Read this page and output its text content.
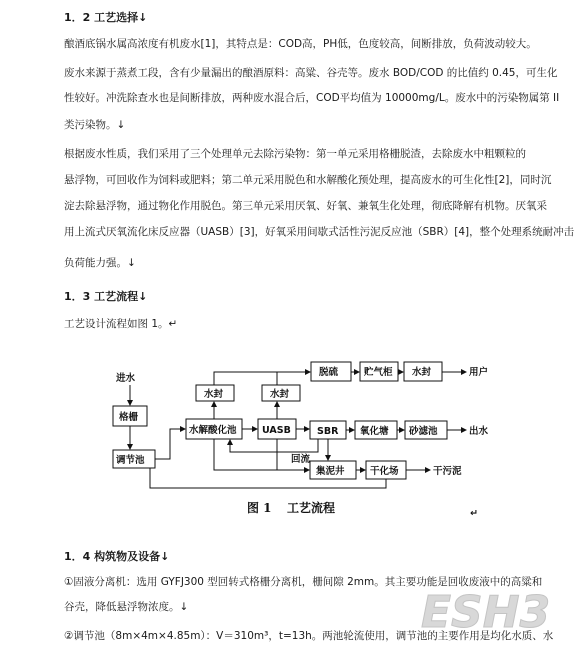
1．2 工艺选择↓
酿酒底锅水属高浓度有机废水[1]，其特点是：COD高，PH低，色度较高，间断排放，负荷波动较大。
废水来源于蒸煮工段，含有少量漏出的酿酒原料：高粱、谷壳等。废水 BOD/COD 的比值约 0.45，可生化
性较好。冲洗除查水也是间断排放，两种废水混合后，COD平均值为 10000mg/L。废水中的污染物属第 II
类污染物。↓
根据废水性质，我们采用了三个处理单元去除污染物：第一单元采用格栅脱渣，去除废水中粗颗粒的
悬浮物，可回收作为饲料或肥料；第二单元采用脱色和水解酸化预处理，提高废水的可生化性[2]，同时沉
淀去除悬浮物，通过物化作用脱色。第三单元采用厌氧、好氧、兼氧生化处理，彻底降解有机物。厌氧采
用上流式厌氧流化床反应器（UASB）[3]，好氧采用间歇式活性污泥反应池（SBR）[4]，整个处理系统耐冲击
负荷能力强。↓
1．3 工艺流程↓
工艺设计流程如图 1。↵
进水
格栅
调节池
水解酸化池
水封
UASB
水封
脱硫	贮气柜 水封	用户
SBR 氧化塘 砂滤池	出水
回流
集泥井	干化场	干污泥
图 1 工艺流程	↵
1．4 构筑物及设备↓
①固液分离机：选用 GYFJ300 型回转式格栅分离机，栅间隙 2mm。其主要功能是回收废液中的高粱和
谷壳，降低悬浮物浓度。↓
②调节池（8m×4m×4.85m）：V＝310m³，t=13h。两池轮流使用，调节池的主要作用是均化水质、水
ESH3
